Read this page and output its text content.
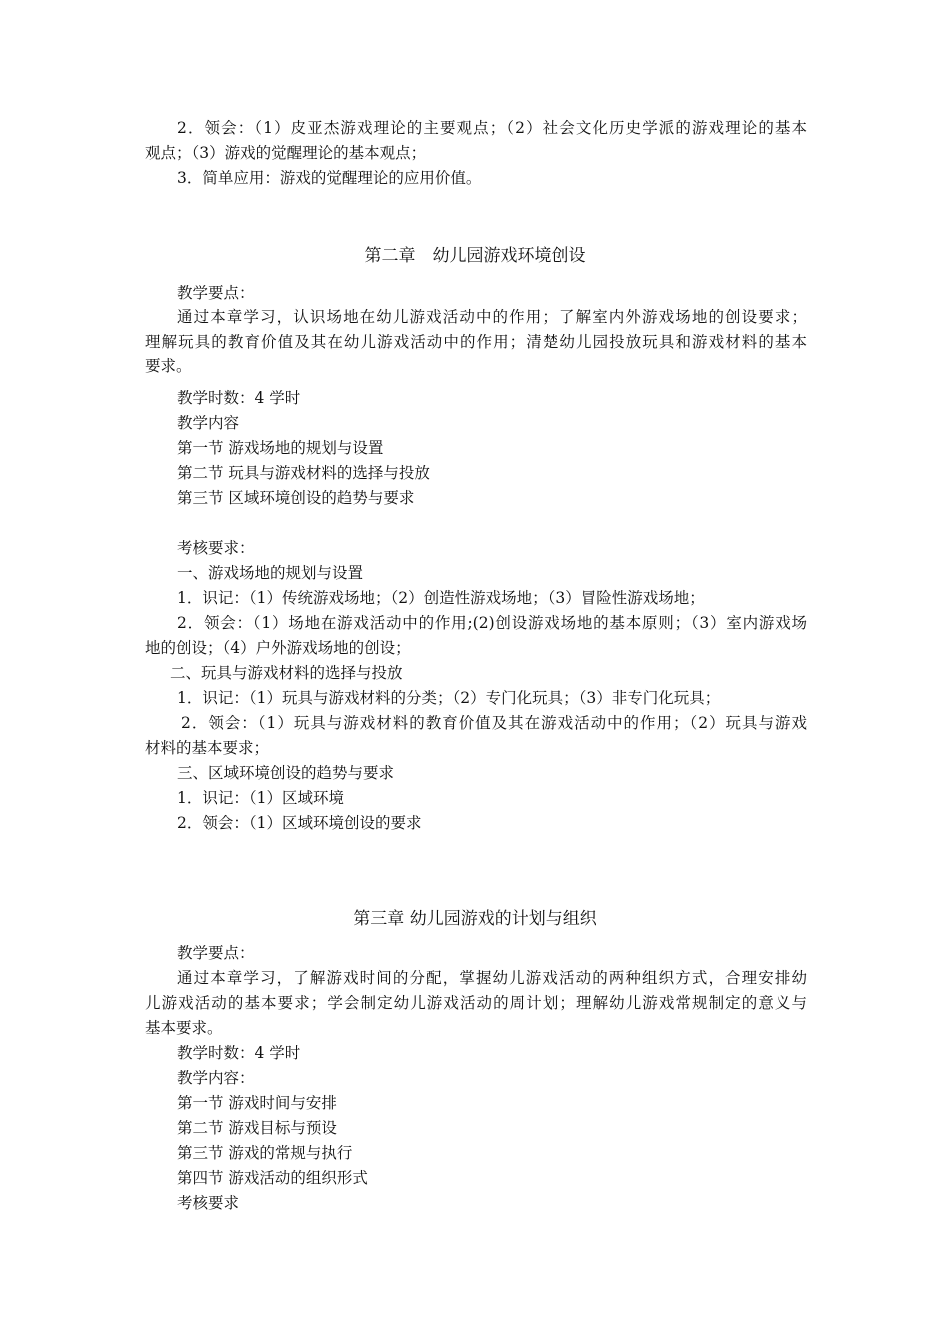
2．领会：（1）皮亚杰游戏理论的主要观点；（2）社会文化历史学派的游戏理论的基本
观点；（3）游戏的觉醒理论的基本观点；
3．简单应用：游戏的觉醒理论的应用价值。
第二章　幼儿园游戏环境创设
教学要点：
通过本章学习，认识场地在幼儿游戏活动中的作用；了解室内外游戏场地的创设要求；
理解玩具的教育价值及其在幼儿游戏活动中的作用；清楚幼儿园投放玩具和游戏材料的基本
要求。
教学时数：4 学时
教学内容
第一节 游戏场地的规划与设置
第二节 玩具与游戏材料的选择与投放
第三节 区域环境创设的趋势与要求
考核要求：
一、游戏场地的规划与设置
1．识记：（1）传统游戏场地；（2）创造性游戏场地；（3）冒险性游戏场地；
2．领会：（1）场地在游戏活动中的作用;(2)创设游戏场地的基本原则；（3）室内游戏场
地的创设；（4）户外游戏场地的创设；
二、玩具与游戏材料的选择与投放
1．识记：（1）玩具与游戏材料的分类；（2）专门化玩具；（3）非专门化玩具；
2．领会：（1）玩具与游戏材料的教育价值及其在游戏活动中的作用；（2）玩具与游戏
材料的基本要求；
三、区域环境创设的趋势与要求
1．识记：（1）区域环境
2．领会：（1）区域环境创设的要求
第三章 幼儿园游戏的计划与组织
教学要点：
通过本章学习，了解游戏时间的分配，掌握幼儿游戏活动的两种组织方式，合理安排幼
儿游戏活动的基本要求；学会制定幼儿游戏活动的周计划；理解幼儿游戏常规制定的意义与
基本要求。
教学时数：4 学时
教学内容：
第一节 游戏时间与安排
第二节 游戏目标与预设
第三节 游戏的常规与执行
第四节 游戏活动的组织形式
考核要求
